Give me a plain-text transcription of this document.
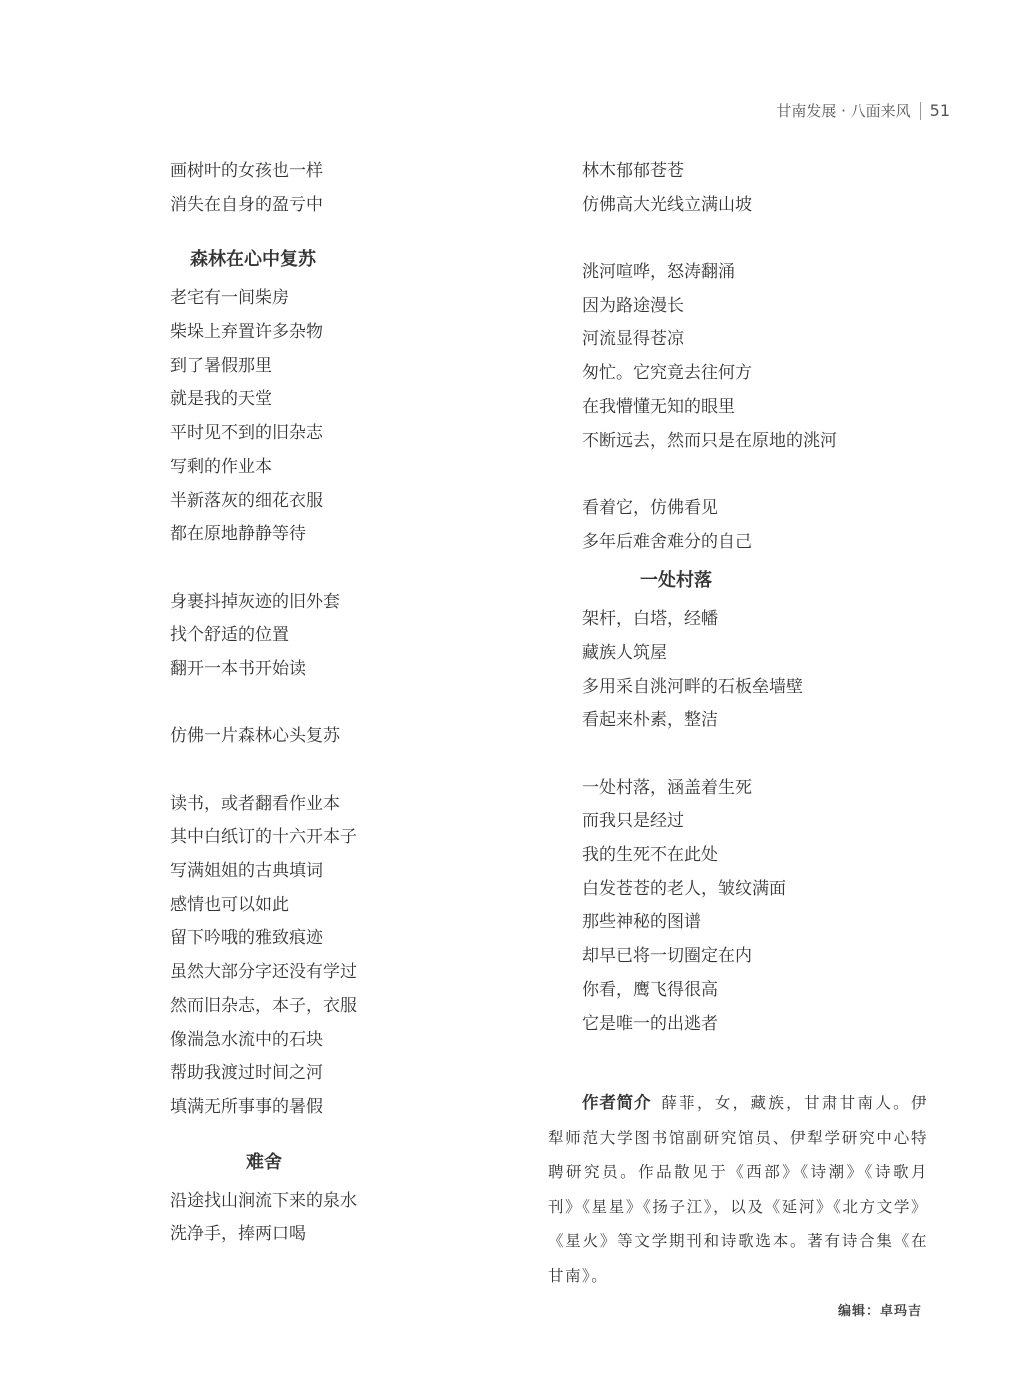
甘南发展 · 八面来风 51
画树叶的女孩也一样
消失在自身的盈亏中
森林在心中复苏
老宅有一间柴房
柴垛上弃置许多杂物
到了暑假那里
就是我的天堂
平时见不到的旧杂志
写剩的作业本
半新落灰的细花衣服
都在原地静静等待
身裹抖掉灰迹的旧外套
找个舒适的位置
翻开一本书开始读
仿佛一片森林心头复苏
读书，或者翻看作业本
其中白纸订的十六开本子
写满姐姐的古典填词
感情也可以如此
留下吟哦的雅致痕迹
虽然大部分字还没有学过
然而旧杂志，本子，衣服
像湍急水流中的石块
帮助我渡过时间之河
填满无所事事的暑假
难舍
沿途找山涧流下来的泉水
洗净手，捧两口喝
林木郁郁苍苍
仿佛高大光线立满山坡
洮河喧哗，怒涛翻涌
因为路途漫长
河流显得苍凉
匆忙。它究竟去往何方
在我懵懂无知的眼里
不断远去，然而只是在原地的洮河
看着它，仿佛看见
多年后难舍难分的自己
一处村落
架杆，白塔，经幡
藏族人筑屋
多用采自洮河畔的石板垒墙壁
看起来朴素，整洁
一处村落，涵盖着生死
而我只是经过
我的生死不在此处
白发苍苍的老人，皱纹满面
那些神秘的图谱
却早已将一切圈定在内
你看，鹰飞得很高
它是唯一的出逃者
作者简介 薛菲，女，藏族，甘肃甘南人。伊犁师范大学图书馆副研究馆员、伊犁学研究中心特聘研究员。作品散见于《西部》《诗潮》《诗歌月刊》《星星》《扬子江》，以及《延河》《北方文学》《星火》等文学期刊和诗歌选本。著有诗合集《在甘南》。
编辑：卓玛吉
